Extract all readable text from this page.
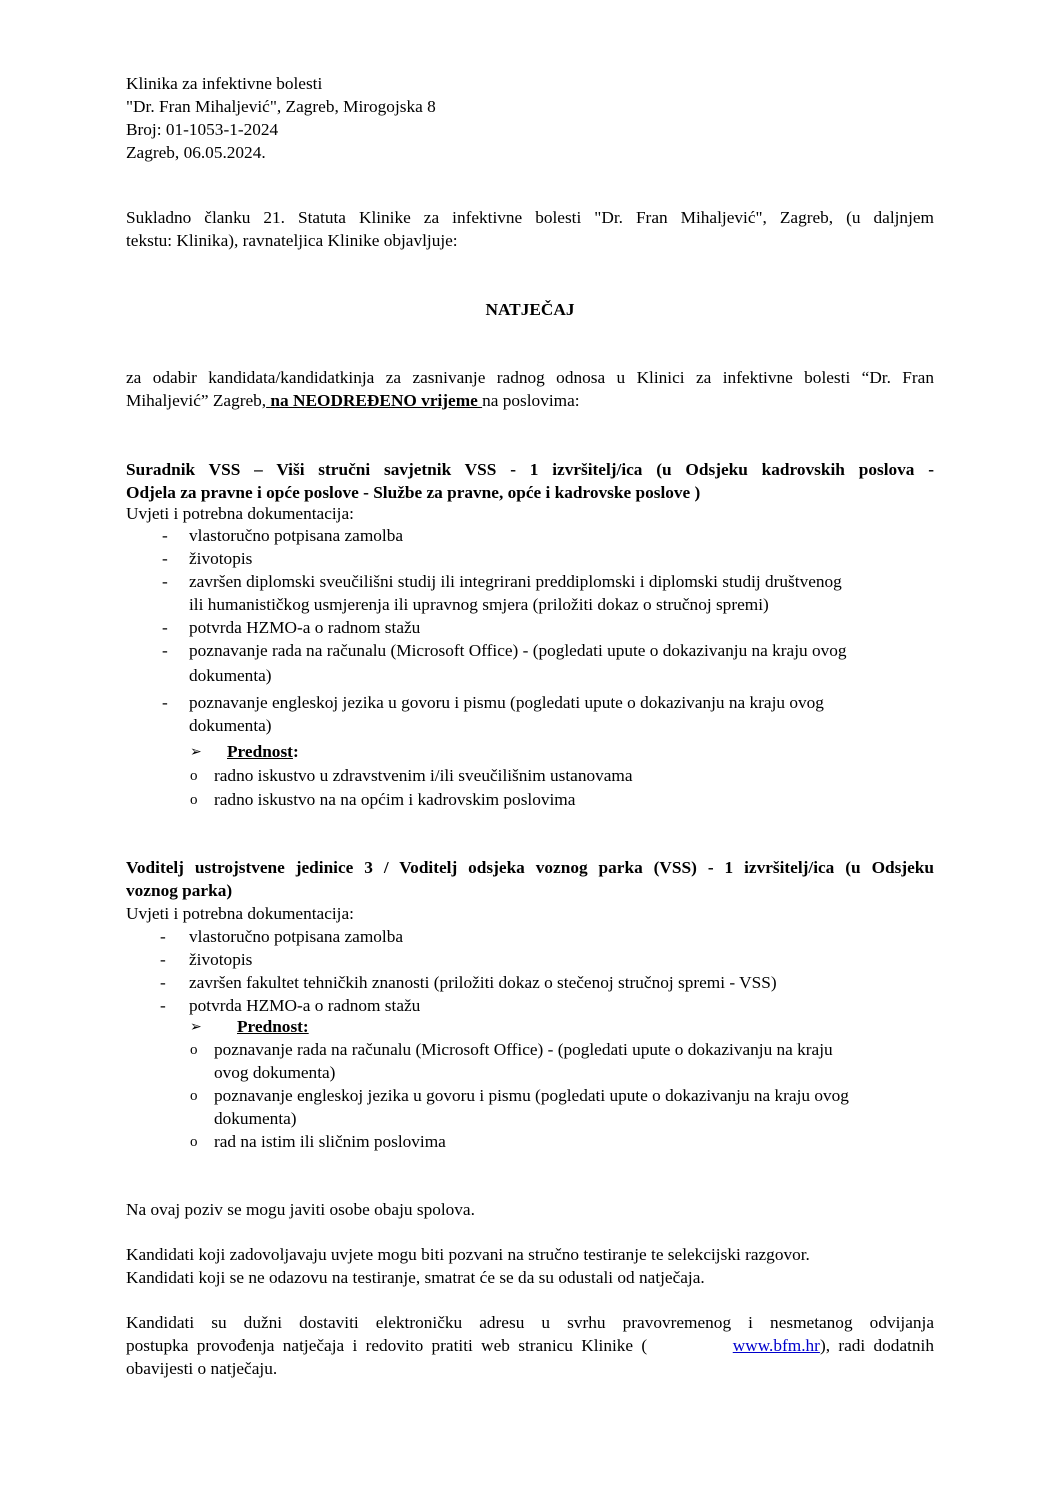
Klinika za infektivne bolesti
"Dr. Fran Mihaljević", Zagreb, Mirogojska 8
Broj: 01-1053-1-2024
Zagreb, 06.05.2024.
Sukladno članku 21. Statuta Klinike za infektivne bolesti "Dr. Fran Mihaljević", Zagreb, (u daljnjem
tekstu: Klinika), ravnateljica Klinike objavljuje:
NATJEČAJ
za odabir kandidata/kandidatkinja za zasnivanje radnog odnosa u Klinici za infektivne bolesti “Dr. Fran
Mihaljević” Zagreb, na NEODREĐENO vrijeme na poslovima:
Suradnik VSS – Viši stručni savjetnik VSS - 1 izvršitelj/ica (u Odsjeku kadrovskih poslova -
Odjela za pravne i opće poslove - Službe za pravne, opće i kadrovske poslove )
Uvjeti i potrebna dokumentacija:
- vlastoručno potpisana zamolba
- životopis
- završen diplomski sveučilišni studij ili integrirani preddiplomski i diplomski studij društvenog
ili humanističkog usmjerenja ili upravnog smjera (priložiti dokaz o stručnoj spremi)
- potvrda HZMO-a o radnom stažu
- poznavanje rada na računalu (Microsoft Office) - (pogledati upute o dokazivanju na kraju ovog
dokumenta)
- poznavanje engleskoj jezika u govoru i pismu (pogledati upute o dokazivanju na kraju ovog
dokumenta)
➢ Prednost:
o radno iskustvo u zdravstvenim i/ili sveučilišnim ustanovama
o radno iskustvo na na općim i kadrovskim poslovima
Voditelj ustrojstvene jedinice 3 / Voditelj odsjeka voznog parka (VSS) - 1 izvršitelj/ica (u Odsjeku
voznog parka)
Uvjeti i potrebna dokumentacija:
- vlastoručno potpisana zamolba
- životopis
- završen fakultet tehničkih znanosti (priložiti dokaz o stečenoj stručnoj spremi - VSS)
- potvrda HZMO-a o radnom stažu
➢ Prednost:
o poznavanje rada na računalu (Microsoft Office) - (pogledati upute o dokazivanju na kraju
ovog dokumenta)
o poznavanje engleskoj jezika u govoru i pismu (pogledati upute o dokazivanju na kraju ovog
dokumenta)
o rad na istim ili sličnim poslovima
Na ovaj poziv se mogu javiti osobe obaju spolova.
Kandidati koji zadovoljavaju uvjete mogu biti pozvani na stručno testiranje te selekcijski razgovor.
Kandidati koji se ne odazovu na testiranje, smatrat će se da su odustali od natječaja.
Kandidati su dužni dostaviti elektroničku adresu u svrhu pravovremenog i nesmetanog odvijanja
postupka provođenja natječaja i redovito pratiti web stranicu Klinike (	www.bfm.hr), radi dodatnih
obavijesti o natječaju.
